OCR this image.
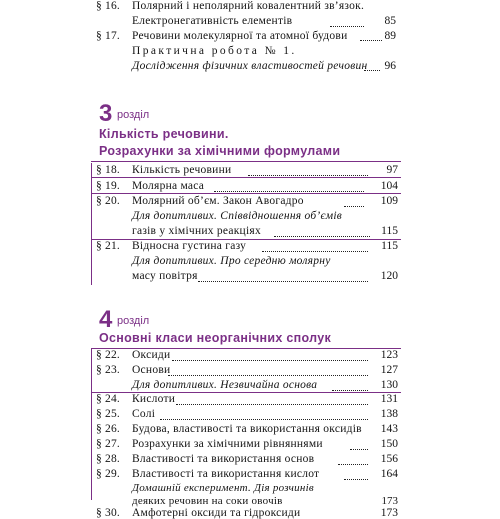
§ 16. Полярний і неполярний ковалентний зв’язок.
Електронегативність елементів	85
§ 17. Речовини молекулярної та атомної будови	89
Практична робота № 1.
Дослідження фізичних властивостей речовин	96
3 розділ
Кількість речовини.
Розрахунки за хімічними формулами
§ 18. Кількість речовини	97
§ 19. Молярна маса	104
§ 20. Молярний об’єм. Закон Авогадро	109
Для допитливих. Співвідношення об’ємів
газів у хімічних реакціях	115
§ 21. Відносна густина газу	115
Для допитливих. Про середню молярну
масу повітря	120
4 розділ
Основні класи неорганічних сполук
§ 22. Оксиди	123
§ 23. Основи	127
Для допитливих. Незвичайна основа	130
§ 24. Кислоти	131
§ 25. Солі	138
§ 26. Будова, властивості та використання оксидів	143
§ 27. Розрахунки за хімічними рівняннями	150
§ 28. Властивості та використання основ	156
§ 29. Властивості та використання кислот	164
Домашній експеримент. Дія розчинів
деяких речовин на соки овочів	173
§ 30. Амфотерні оксиди та гідроксиди	173
